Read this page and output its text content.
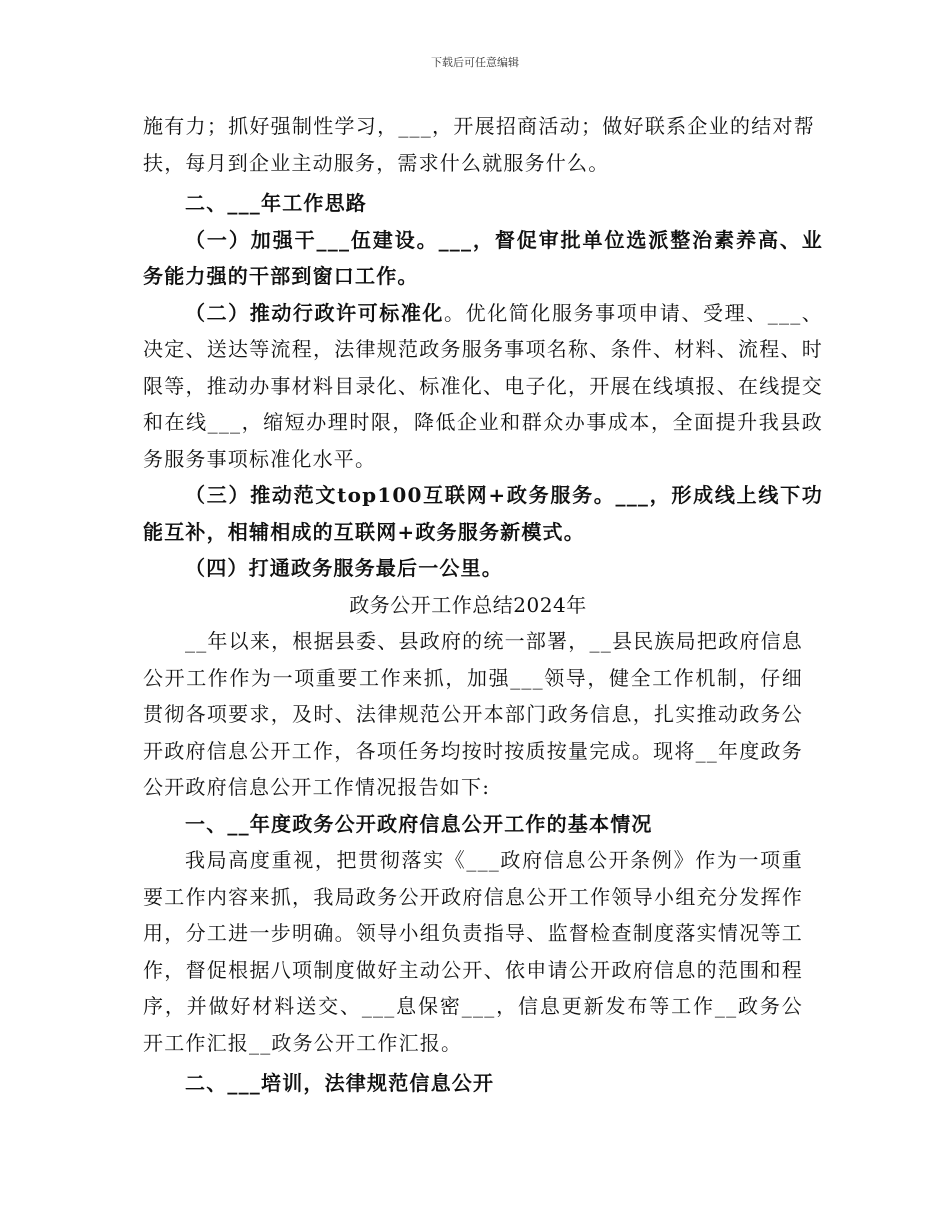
下载后可任意编辑

施有力；抓好强制性学习，___，开展招商活动；做好联系企业的结对帮扶，每月到企业主动服务，需求什么就服务什么。

二、___年工作思路

（一）加强干___伍建设。___，督促审批单位选派整治素养高、业务能力强的干部到窗口工作。

（二）推动行政许可标准化。优化简化服务事项申请、受理、___、决定、送达等流程，法律规范政务服务事项名称、条件、材料、流程、时限等，推动办事材料目录化、标准化、电子化，开展在线填报、在线提交和在线___，缩短办理时限，降低企业和群众办事成本，全面提升我县政务服务事项标准化水平。

（三）推动范文top100互联网+政务服务。___，形成线上线下功能互补，相辅相成的互联网+政务服务新模式。

（四）打通政务服务最后一公里。

政务公开工作总结2024年

__年以来，根据县委、县政府的统一部署，__县民族局把政府信息公开工作作为一项重要工作来抓，加强___领导，健全工作机制，仔细贯彻各项要求，及时、法律规范公开本部门政务信息，扎实推动政务公开政府信息公开工作，各项任务均按时按质按量完成。现将__年度政务公开政府信息公开工作情况报告如下:

一、__年度政务公开政府信息公开工作的基本情况

我局高度重视，把贯彻落实《___政府信息公开条例》作为一项重要工作内容来抓，我局政务公开政府信息公开工作领导小组充分发挥作用，分工进一步明确。领导小组负责指导、监督检查制度落实情况等工作，督促根据八项制度做好主动公开、依申请公开政府信息的范围和程序，并做好材料送交、___息保密___，信息更新发布等工作__政务公开工作汇报__政务公开工作汇报。

二、___培训，法律规范信息公开
